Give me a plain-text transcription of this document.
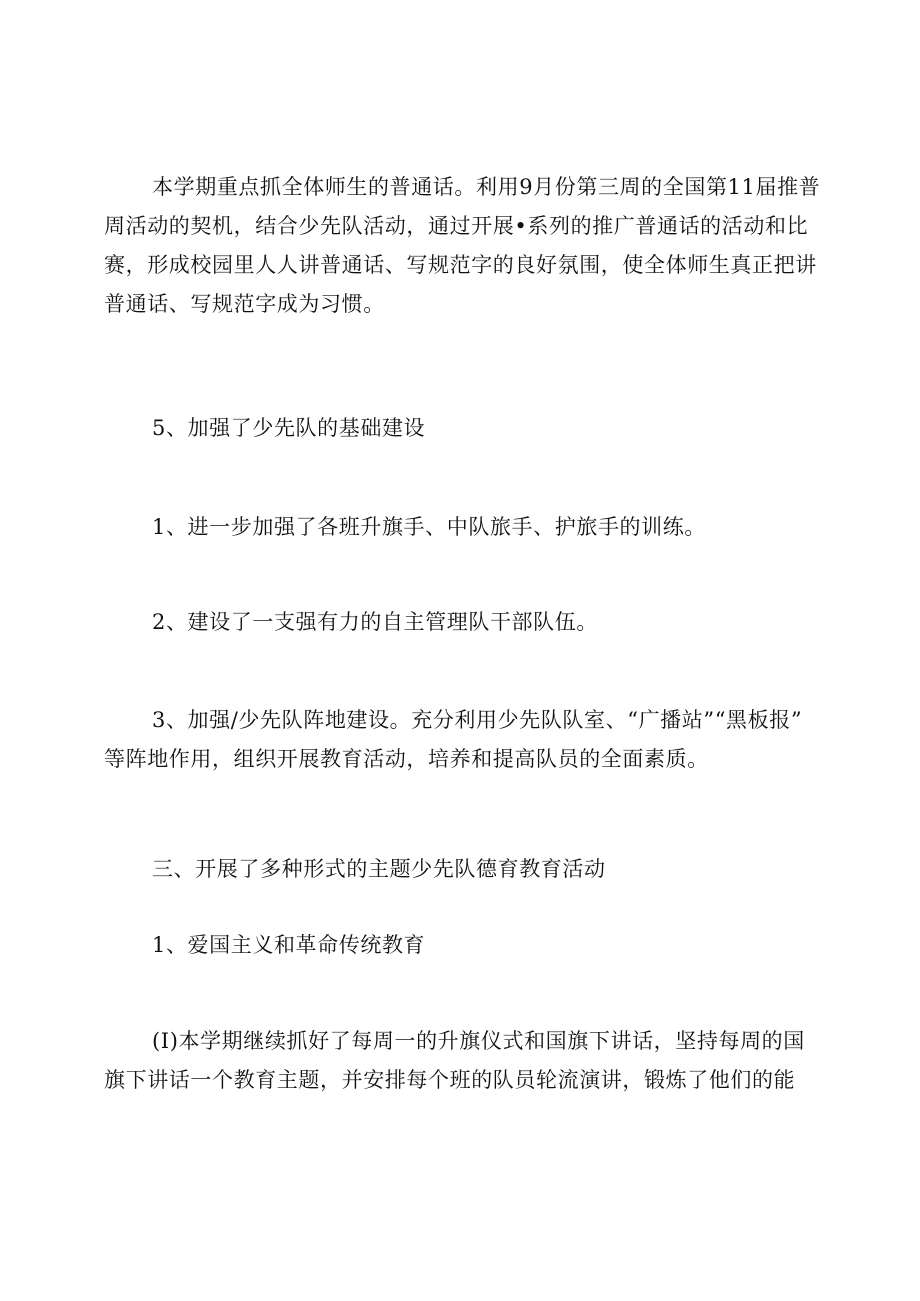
本学期重点抓全体师生的普通话。利用9月份第三周的全国第11届推普
周活动的契机，结合少先队活动，通过开展•系列的推广普通话的活动和比
赛，形成校园里人人讲普通话、写规范字的良好氛围，使全体师生真正把讲
普通话、写规范字成为习惯。

5、加强了少先队的基础建设

1、进一步加强了各班升旗手、中队旅手、护旅手的训练。

2、建设了一支强有力的自主管理队干部队伍。

3、加强/少先队阵地建设。充分利用少先队队室、“广播站”“黑板报”
等阵地作用，组织开展教育活动，培养和提高队员的全面素质。

三、开展了多种形式的主题少先队德育教育活动

1、爱国主义和革命传统教育

(I)本学期继续抓好了每周一的升旗仪式和国旗下讲话，坚持每周的国
旗下讲话一个教育主题，并安排每个班的队员轮流演讲，锻炼了他们的能
